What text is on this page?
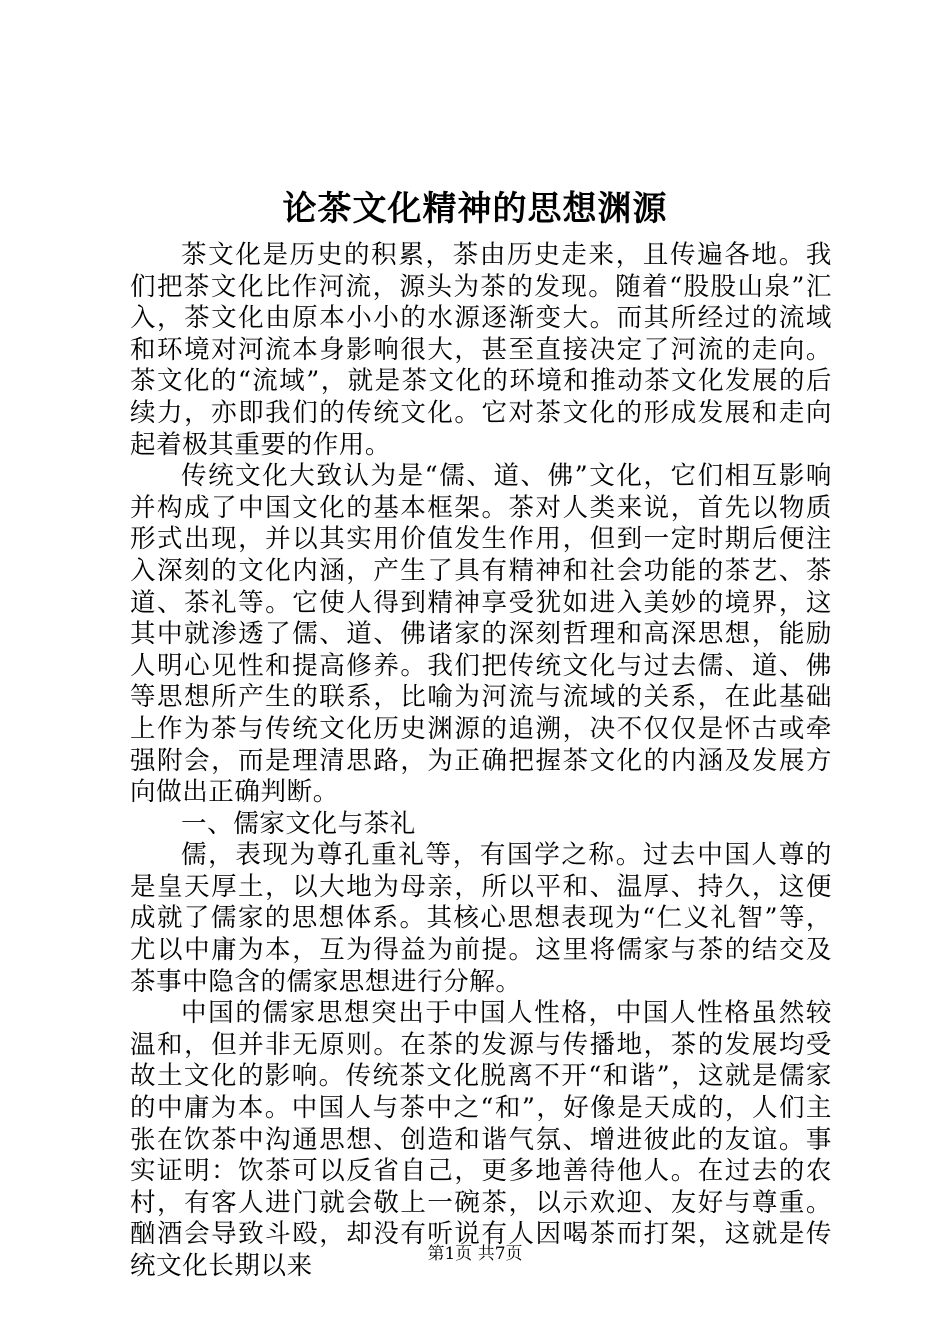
论茶文化精神的思想渊源

茶文化是历史的积累，茶由历史走来，且传遍各地。我们把茶文化比作河流，源头为茶的发现。随着“股股山泉”汇入，茶文化由原本小小的水源逐渐变大。而其所经过的流域和环境对河流本身影响很大，甚至直接决定了河流的走向。茶文化的“流域”，就是茶文化的环境和推动茶文化发展的后续力，亦即我们的传统文化。它对茶文化的形成发展和走向起着极其重要的作用。

传统文化大致认为是“儒、道、佛”文化，它们相互影响并构成了中国文化的基本框架。茶对人类来说，首先以物质形式出现，并以其实用价值发生作用，但到一定时期后便注入深刻的文化内涵，产生了具有精神和社会功能的茶艺、茶道、茶礼等。它使人得到精神享受犹如进入美妙的境界，这其中就渗透了儒、道、佛诸家的深刻哲理和高深思想，能励人明心见性和提高修养。我们把传统文化与过去儒、道、佛等思想所产生的联系，比喻为河流与流域的关系，在此基础上作为茶与传统文化历史渊源的追溯，决不仅仅是怀古或牵强附会，而是理清思路，为正确把握茶文化的内涵及发展方向做出正确判断。

一、儒家文化与茶礼

儒，表现为尊孔重礼等，有国学之称。过去中国人尊的是皇天厚土，以大地为母亲，所以平和、温厚、持久，这便成就了儒家的思想体系。其核心思想表现为“仁义礼智”等，尤以中庸为本，互为得益为前提。这里将儒家与茶的结交及茶事中隐含的儒家思想进行分解。

中国的儒家思想突出于中国人性格，中国人性格虽然较温和，但并非无原则。在茶的发源与传播地，茶的发展均受故土文化的影响。传统茶文化脱离不开“和谐”，这就是儒家的中庸为本。中国人与茶中之“和”，好像是天成的，人们主张在饮茶中沟通思想、创造和谐气氛、增进彼此的友谊。事实证明：饮茶可以反省自己，更多地善待他人。在过去的农村，有客人进门就会敬上一碗茶，以示欢迎、友好与尊重。酗酒会导致斗殴，却没有听说有人因喝茶而打架，这就是传统文化长期以来	第1页 共7页
